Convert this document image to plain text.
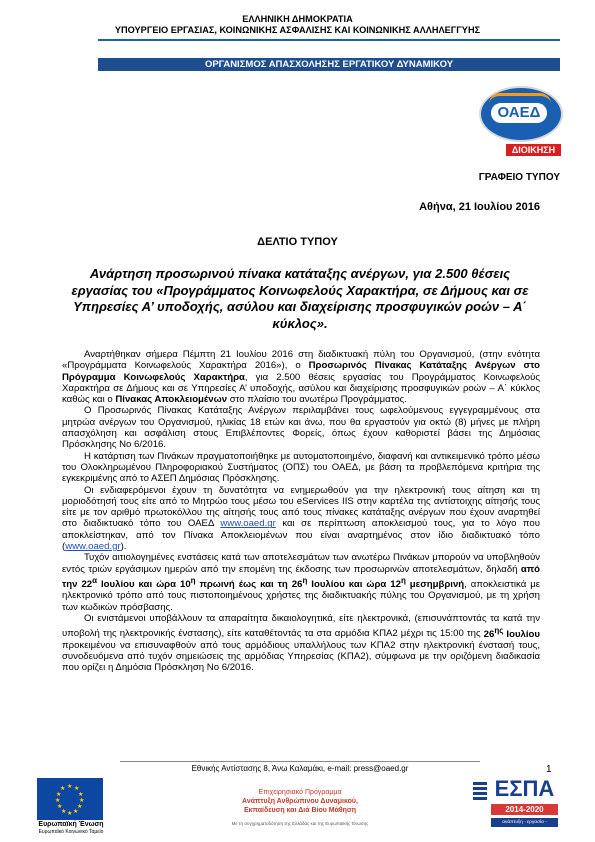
ΕΛΛΗΝΙΚΗ ΔΗΜΟΚΡΑΤΙΑ
ΥΠΟΥΡΓΕΙΟ ΕΡΓΑΣΙΑΣ, ΚΟΙΝΩΝΙΚΗΣ ΑΣΦΑΛΙΣΗΣ ΚΑΙ ΚΟΙΝΩΝΙΚΗΣ ΑΛΛΗΛΕΓΓΥΗΣ
ΟΡΓΑΝΙΣΜΟΣ ΑΠΑΣΧΟΛΗΣΗΣ ΕΡΓΑΤΙΚΟΥ ΔΥΝΑΜΙΚΟΥ
ΟΑΕΔ
ΔΙΟΙΚΗΣΗ
ΓΡΑΦΕΙΟ ΤΥΠΟΥ
Αθήνα, 21 Ιουλίου 2016
ΔΕΛΤΙΟ ΤΥΠΟΥ
Ανάρτηση προσωρινού πίνακα κατάταξης ανέργων, για 2.500 θέσεις εργασίας του «Προγράμματος Κοινωφελούς Χαρακτήρα, σε Δήμους και σε Υπηρεσίες Α’ υποδοχής, ασύλου και διαχείρισης προσφυγικών ροών – Α΄ κύκλος».

Αναρτήθηκαν σήμερα Πέμπτη 21 Ιουλίου 2016 στη διαδικτυακή πύλη του Οργανισμού, (στην ενότητα «Προγράμματα Κοινωφελούς Χαρακτήρα 2016»), ο Προσωρινός Πίνακας Κατάταξης Ανέργων στο Πρόγραμμα Κοινωφελούς Χαρακτήρα, για 2.500 θέσεις εργασίας του Προγράμματος Κοινωφελούς Χαρακτήρα σε Δήμους και σε Υπηρεσίες Α’ υποδοχής, ασύλου και διαχείρισης προσφυγικών ροών – Α΄ κύκλος καθώς και ο Πίνακας Αποκλειομένων στο πλαίσιο του ανωτέρω Προγράμματος.

Ο Προσωρινός Πίνακας Κατάταξης Ανέργων περιλαμβάνει τους ωφελούμενους εγγεγραμμένους στα μητρώα ανέργων του Οργανισμού, ηλικίας 18 ετών και άνω, που θα εργαστούν για οκτώ (8) μήνες με πλήρη απασχόληση και ασφάλιση στους Επιβλέποντες Φορείς, όπως έχουν καθοριστεί βάσει της Δημόσιας Πρόσκλησης Νο 6/2016.

Η κατάρτιση των Πινάκων πραγματοποιήθηκε με αυτοματοποιημένο, διαφανή και αντικειμενικό τρόπο μέσω του Ολοκληρωμένου Πληροφοριακού Συστήματος (ΟΠΣ) του ΟΑΕΔ, με βάση τα προβλεπόμενα κριτήρια της εγκεκριμένης από το ΑΣΕΠ Δημόσιας Πρόσκλησης.

Οι ενδιαφερόμενοι έχουν τη δυνατότητα να ενημερωθούν για την ηλεκτρονική τους αίτηση και τη μοριοδότησή τους είτε από το Μητρώο τους μέσω του eServices IIS στην καρτέλα της αντίστοιχης αίτησής τους είτε με τον αριθμό πρωτοκόλλου της αίτησής τους από τους πίνακες κατάταξης ανέργων που έχουν αναρτηθεί στο διαδικτυακό τόπο του ΟΑΕΔ www.oaed.gr και σε περίπτωση αποκλεισμού τους, για το λόγο που αποκλείστηκαν, από τον Πίνακα Αποκλειομένων που είναι αναρτημένος στον ίδιο διαδικτυακό τόπο (www.oaed.gr).

Τυχόν αιτιολογημένες ενστάσεις κατά των αποτελεσμάτων των ανωτέρω Πινάκων μπορούν να υποβληθούν εντός τριών εργάσιμων ημερών από την επομένη της έκδοσης των προσωρινών αποτελεσμάτων, δηλαδή από την $22^\alpha$ Ιουλίου και ώρα $10^\eta$ πρωινή έως και τη $26^\eta$ Ιουλίου και ώρα $12^\eta$ μεσημβρινή, αποκλειστικά με ηλεκτρονικό τρόπο από τους πιστοποιημένους χρήστες της διαδικτυακής πύλης του Οργανισμού, με τη χρήση των κωδικών πρόσβασης.

Οι ενιστάμενοι υποβάλλουν τα απαραίτητα δικαιολογητικά, είτε ηλεκτρονικά, (επισυνάπτοντάς τα κατά την υποβολή της ηλεκτρονικής ένστασης), είτε καταθέτοντάς τα στα αρμόδια ΚΠΑ2 μέχρι τις 15:00 της $26^{\eta\varsigma}$ Ιουλίου προκειμένου να επισυναφθούν από τους αρμόδιους υπαλλήλους των ΚΠΑ2 στην ηλεκτρονική ένστασή τους, συνοδευόμενα από τυχόν σημειώσεις της αρμόδιας Υπηρεσίας (ΚΠΑ2), σύμφωνα με την οριζόμενη διαδικασία που ορίζει η Δημόσια Πρόσκληση Νο 6/2016.

Εθνικής Αντίστασης 8, Άνω Καλαμάκι, e-mail: press@oaed.gr	1
★ ★
★
★
★
★
★
★
★
★
★
★
Ευρωπαϊκή Ένωση
Ευρωπαϊκό Κοινωνικό Ταμείο
Επιχειρησιακό Πρόγραμμα
Ανάπτυξη Ανθρώπινου Δυναμικού,
Εκπαίδευση και Διά Βίου Μάθηση
Με τη συγχρηματοδότηση της Ελλάδας και της Ευρωπαϊκής Ένωσης
ΕΣΠΑ
2014-2020
ανάπτυξη - εργασία - αλληλεγγύη
